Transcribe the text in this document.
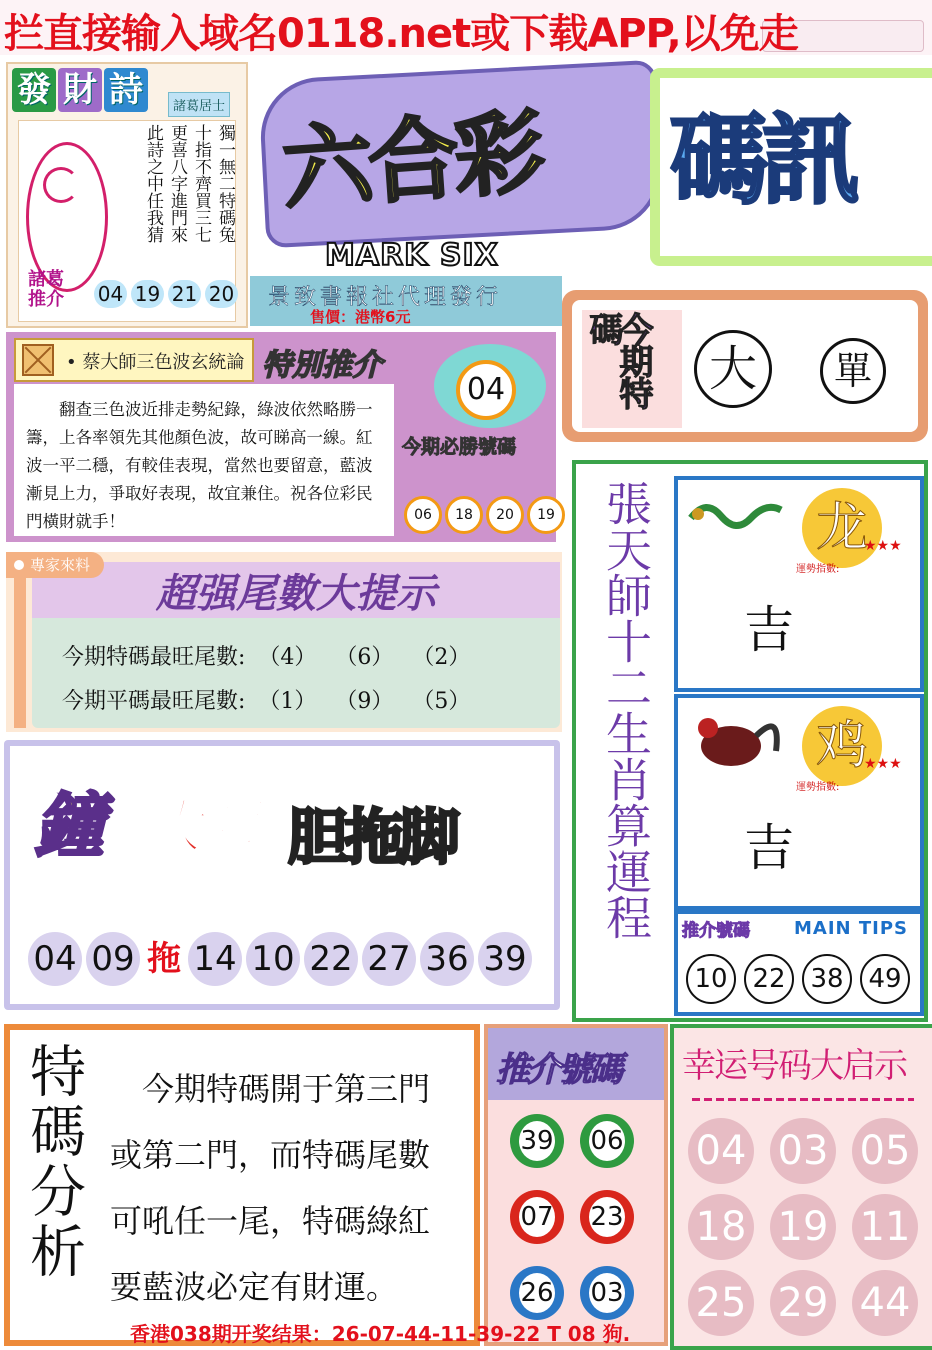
拦直接输入域名0118.net或下载APP,以免走
發 財 詩	諸葛居士
獨一無二特碼兔
十指不齊買三七
更喜八字進門來
此詩之中任我猜
諸葛推介	04 19 21 20
六合彩
MARK SIX
碼訊
景致書報社代理發行
售價：港幣6元	今期特碼
大	單
• 蔡大師三色波玄統論 特別推介

翻查三色波近排走勢紀錄，綠波依然略勝一籌，上各率領先其他顏色波，故可睇高一線。紅波一平二穩，有較佳表現，當然也要留意，藍波漸見上力，爭取好表現，故宜兼住。祝各位彩民門橫財就手！

04
今期必勝號碼
06	18	20	19
專家來料
超强尾數大提示
今期特碼最旺尾數: （4） （6） （2）
今期平碼最旺尾數: （1） （9） （5）
鐘 大師 胆拖脚
04 09 拖 14 10 22 27 36 39
張天師十二生肖算運程	龙
運勢指數:
★★★
吉
鸡
運勢指數:
★★★
吉
推介號碼 MAIN TIPS
10 22 38 49
特碼分析	今期特碼開于第三門
或第二門，而特碼尾數
可吼任一尾，特碼綠紅
要藍波必定有財運。
推介號碼
39	06
07	23
26	03
幸运号码大启示
04 03 05
18 19 11
25 29 44
香港038期开奖结果：26-07-44-11-39-22 T 08 狗.
